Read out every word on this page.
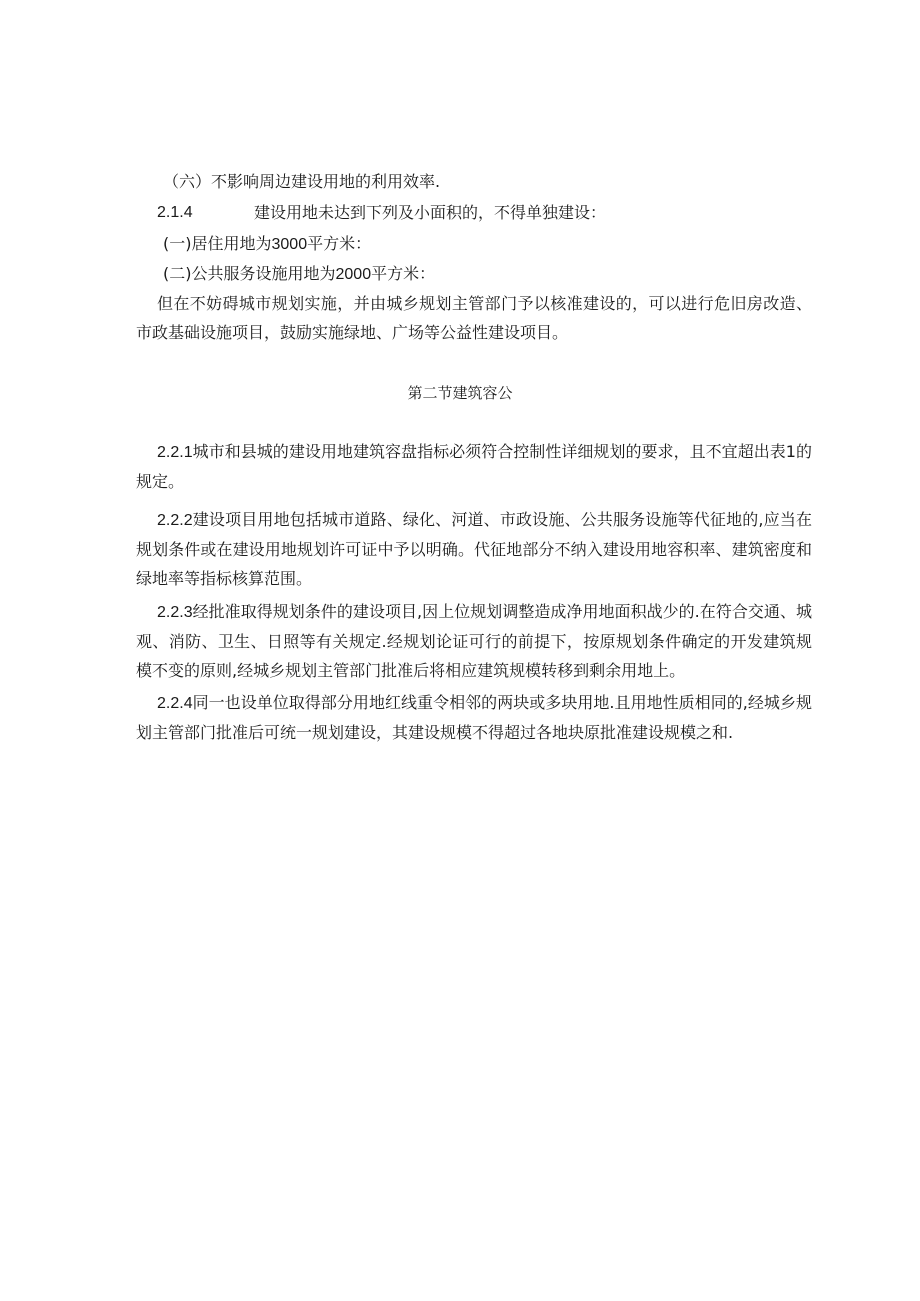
（六）不影响周边建设用地的利用效率.
2.1.4	建设用地未达到下列及小面积的，不得单独建设：
(一)居住用地为3000平方米：
(二)公共服务设施用地为2000平方米：
但在不妨碍城市规划实施，并由城乡规划主管部门予以核准建设的，可以进行危旧房改造、市政基础设施项目，鼓励实施绿地、广场等公益性建设项目。
第二节建筑容公
2.2.1城市和县城的建设用地建筑容盘指标必须符合控制性详细规划的要求，且不宜超出表1的规定。
2.2.2建设项目用地包括城市道路、绿化、河道、市政设施、公共服务设施等代征地的,应当在规划条件或在建设用地规划许可证中予以明确。代征地部分不纳入建设用地容积率、建筑密度和绿地率等指标核算范围。
2.2.3经批准取得规划条件的建设项目,因上位规划调整造成净用地面积战少的.在符合交通、城观、消防、卫生、日照等有关规定.经规划论证可行的前提下，按原规划条件确定的开发建筑规模不变的原则,经城乡规划主管部门批准后将相应建筑规模转移到剩余用地上。
2.2.4同一也设单位取得部分用地红线重令相邻的两块或多块用地.且用地性质相同的,经城乡规划主管部门批准后可统一规划建设，其建设规模不得超过各地块原批准建设规模之和.
